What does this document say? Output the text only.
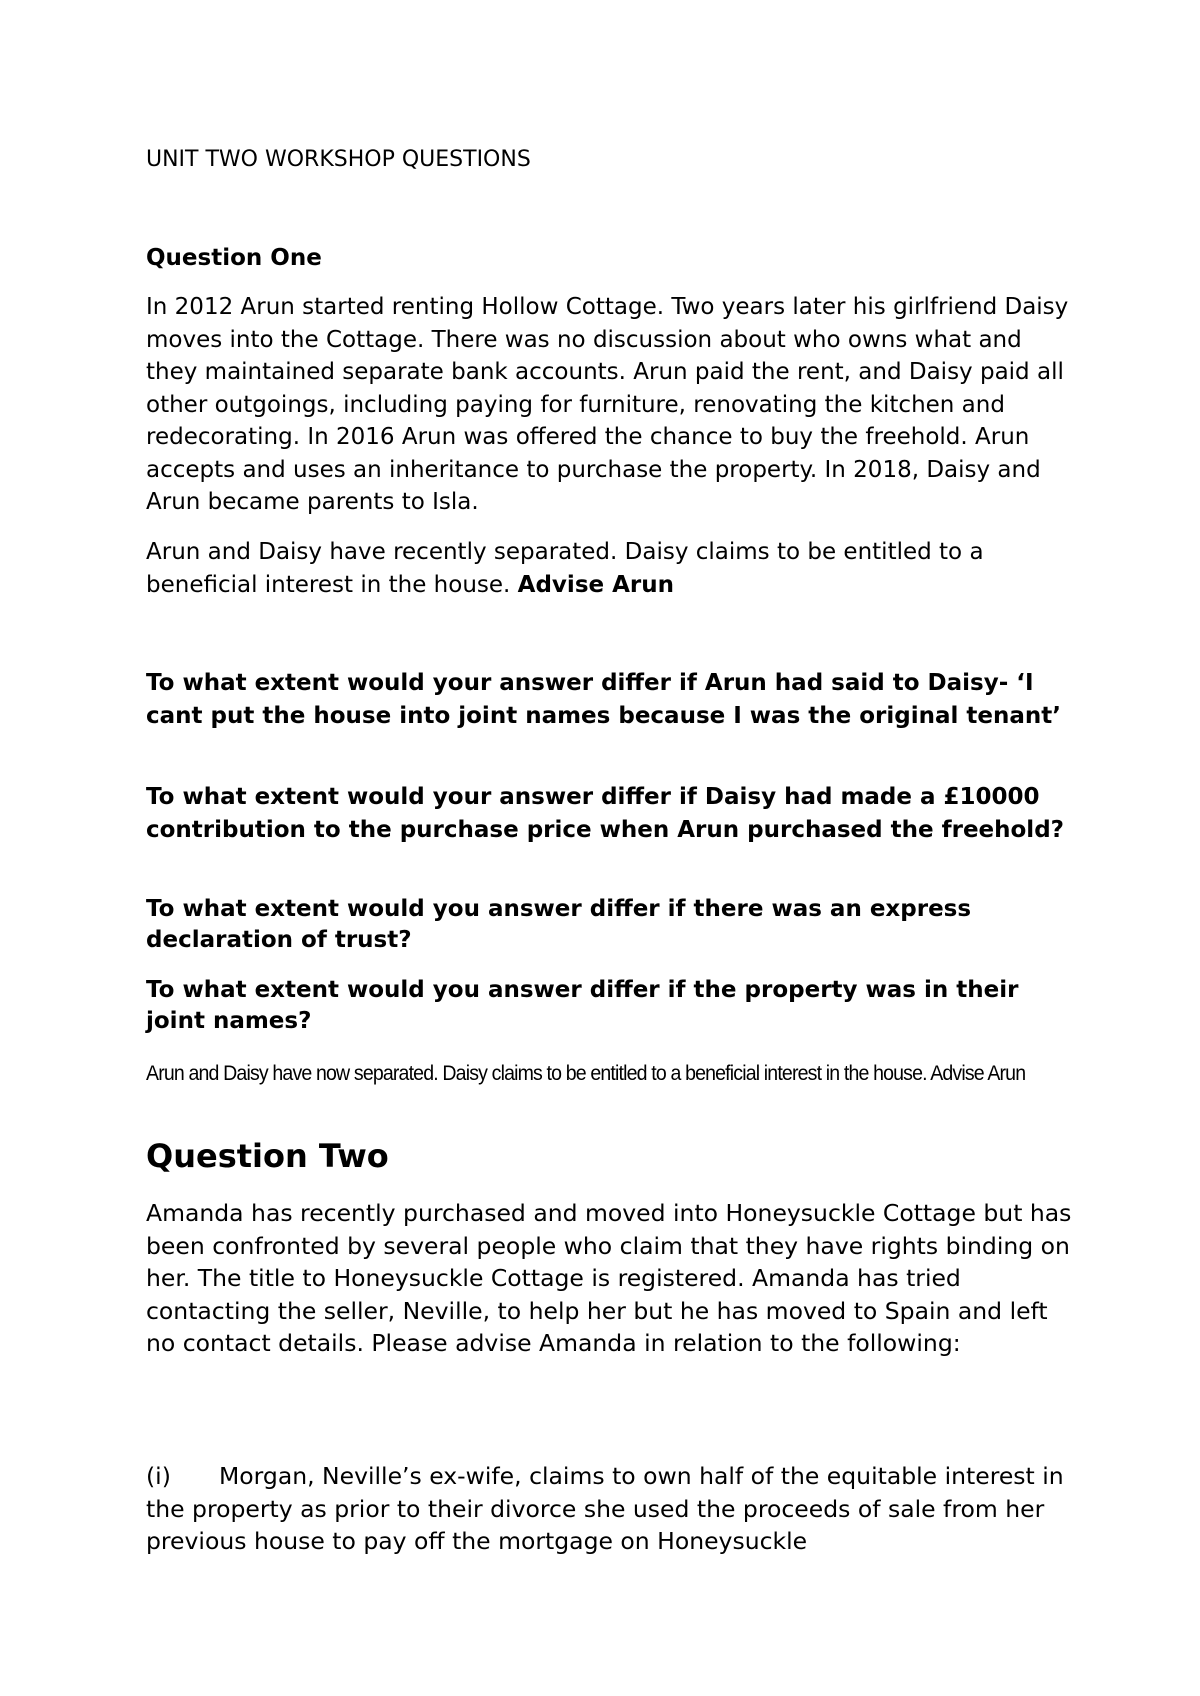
UNIT TWO WORKSHOP QUESTIONS

Question One

In 2012 Arun started renting Hollow Cottage. Two years later his girlfriend Daisy moves into the Cottage. There was no discussion about who owns what and they maintained separate bank accounts. Arun paid the rent, and Daisy paid all other outgoings, including paying for furniture, renovating the kitchen and redecorating. In 2016 Arun was offered the chance to buy the freehold. Arun accepts and uses an inheritance to purchase the property. In 2018, Daisy and Arun became parents to Isla.

Arun and Daisy have recently separated. Daisy claims to be entitled to a beneficial interest in the house. Advise Arun

To what extent would your answer differ if Arun had said to Daisy- ‘I cant put the house into joint names because I was the original tenant’

To what extent would your answer differ if Daisy had made a £10000 contribution to the purchase price when Arun purchased the freehold?

To what extent would you answer differ if there was an express declaration of trust?

To what extent would you answer differ if the property was in their joint names?

Arun and Daisy have now separated. Daisy claims to be entitled to a beneficial interest in the house. Advise Arun

Question Two

Amanda has recently purchased and moved into Honeysuckle Cottage but has been confronted by several people who claim that they have rights binding on her. The title to Honeysuckle Cottage is registered. Amanda has tried contacting the seller, Neville, to help her but he has moved to Spain and left no contact details. Please advise Amanda in relation to the following:

(i) Morgan, Neville’s ex-wife, claims to own half of the equitable interest in the property as prior to their divorce she used the proceeds of sale from her previous house to pay off the mortgage on Honeysuckle
